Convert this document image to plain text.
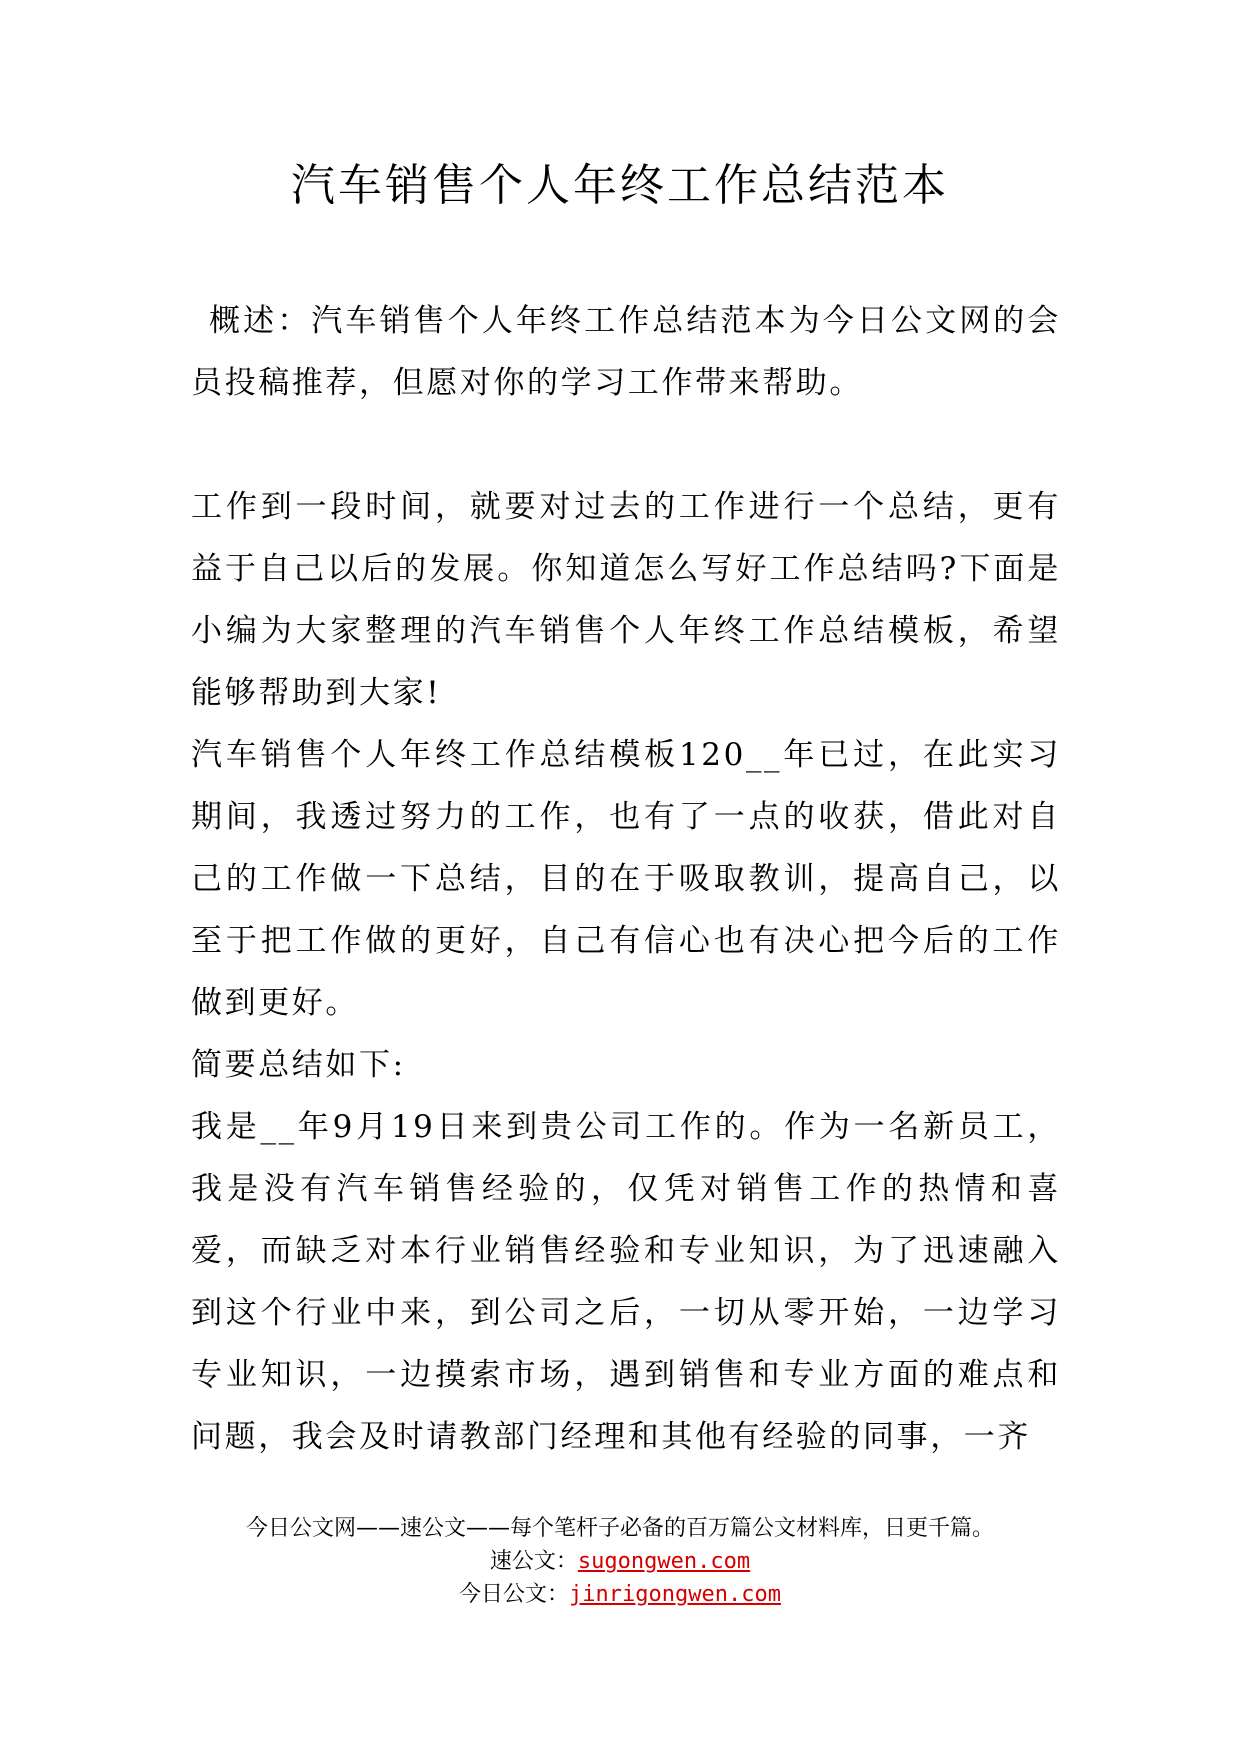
汽车销售个人年终工作总结范本

概述：汽车销售个人年终工作总结范本为今日公文网的会员投稿推荐，但愿对你的学习工作带来帮助。

工作到一段时间，就要对过去的工作进行一个总结，更有益于自己以后的发展。你知道怎么写好工作总结吗?下面是小编为大家整理的汽车销售个人年终工作总结模板，希望能够帮助到大家!

汽车销售个人年终工作总结模板120__年已过，在此实习期间，我透过努力的工作，也有了一点的收获，借此对自己的工作做一下总结，目的在于吸取教训，提高自己，以至于把工作做的更好，自己有信心也有决心把今后的工作做到更好。

简要总结如下:

我是__年9月19日来到贵公司工作的。作为一名新员工，我是没有汽车销售经验的，仅凭对销售工作的热情和喜爱，而缺乏对本行业销售经验和专业知识，为了迅速融入到这个行业中来，到公司之后，一切从零开始，一边学习专业知识，一边摸索市场，遇到销售和专业方面的难点和问题，我会及时请教部门经理和其他有经验的同事，一齐

今日公文网——速公文——每个笔杆子必备的百万篇公文材料库，日更千篇。
速公文：sugongwen.com
今日公文：jinrigongwen.com
